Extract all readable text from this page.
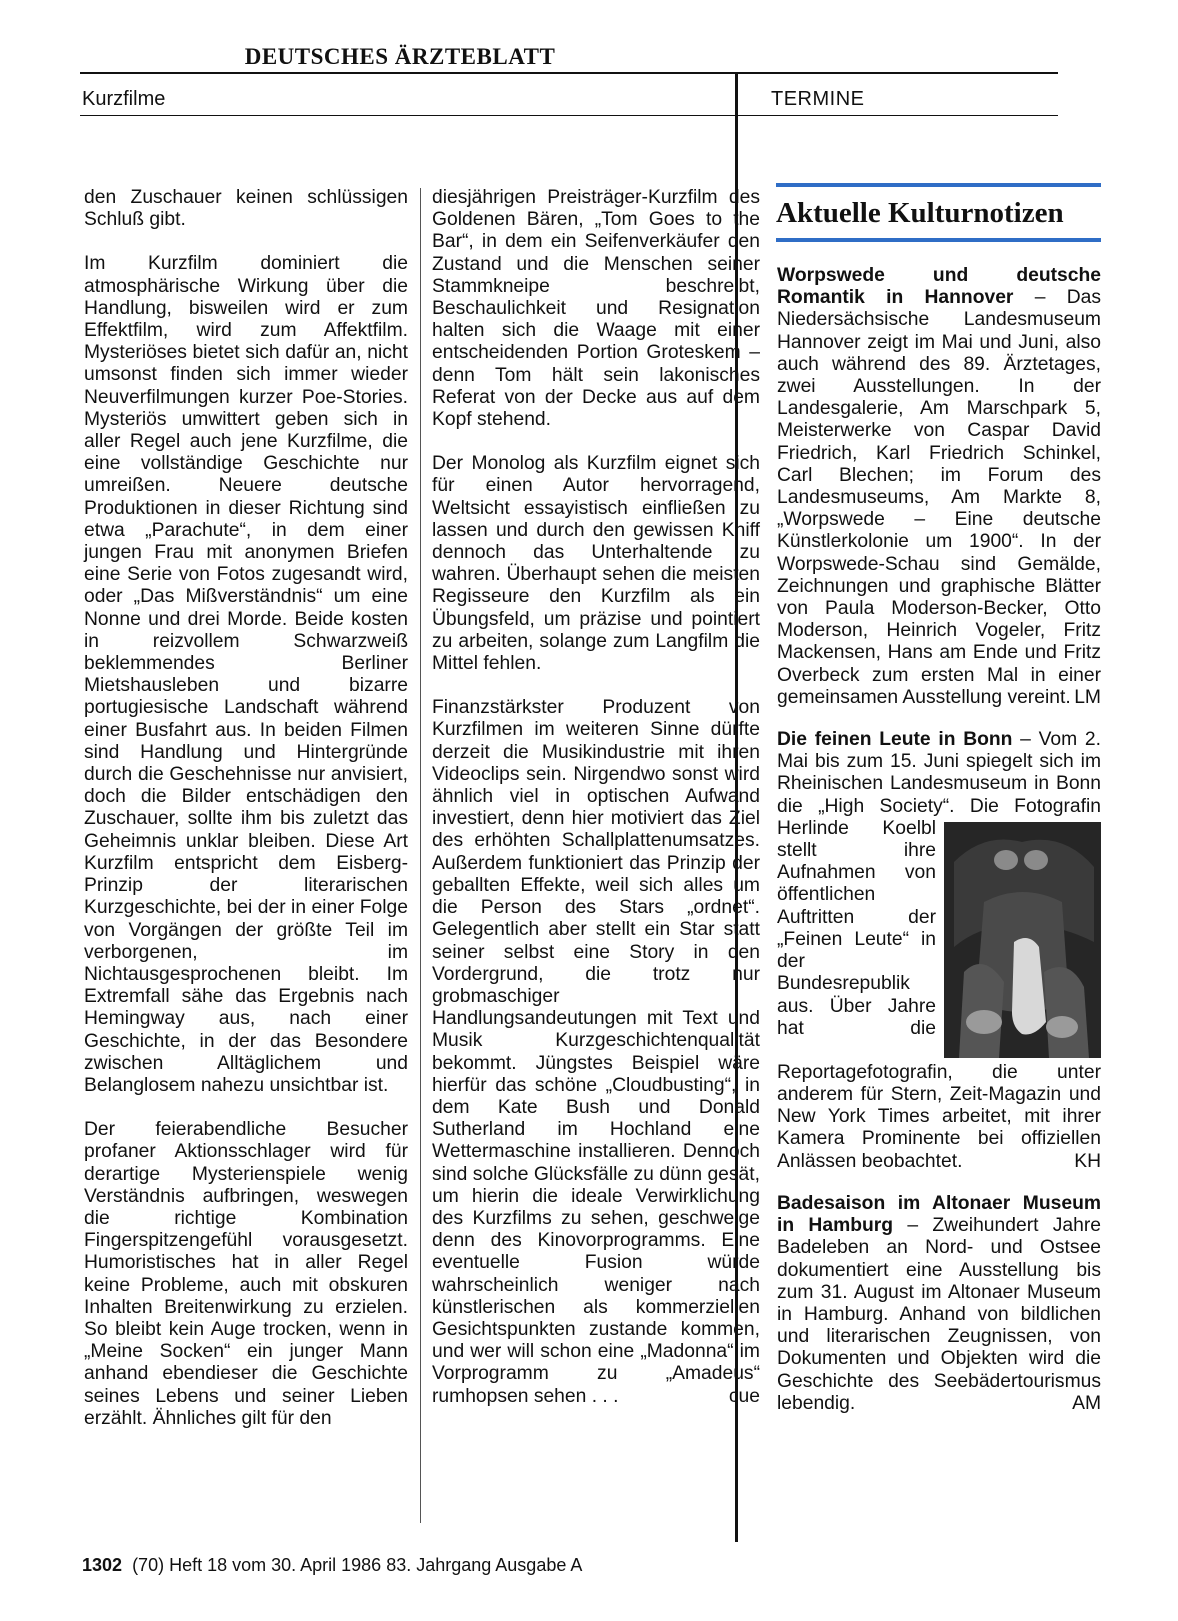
DEUTSCHES ÄRZTEBLATT
Kurzfilme	TERMINE

den Zuschauer keinen schlüssigen Schluß gibt.

Im Kurzfilm dominiert die atmosphärische Wirkung über die Handlung, bisweilen wird er zum Effektfilm, wird zum Affektfilm. Mysteriöses bietet sich dafür an, nicht umsonst finden sich immer wieder Neuverfilmungen kurzer Poe-Stories. Mysteriös umwittert geben sich in aller Regel auch jene Kurzfilme, die eine vollständige Geschichte nur umreißen. Neuere deutsche Produktionen in dieser Richtung sind etwa „Parachute“, in dem einer jungen Frau mit anonymen Briefen eine Serie von Fotos zugesandt wird, oder „Das Mißverständnis“ um eine Nonne und drei Morde. Beide kosten in reizvollem Schwarzweiß beklemmendes Berliner Mietshausleben und bizarre portugiesische Landschaft während einer Busfahrt aus. In beiden Filmen sind Handlung und Hintergründe durch die Geschehnisse nur anvisiert, doch die Bilder entschädigen den Zuschauer, sollte ihm bis zuletzt das Geheimnis unklar bleiben. Diese Art Kurzfilm entspricht dem Eisberg-Prinzip der literarischen Kurzgeschichte, bei der in einer Folge von Vorgängen der größte Teil im verborgenen, im Nichtausgesprochenen bleibt. Im Extremfall sähe das Ergebnis nach Hemingway aus, nach einer Geschichte, in der das Besondere zwischen Alltäglichem und Belanglosem nahezu unsichtbar ist.

Der feierabendliche Besucher profaner Aktionsschlager wird für derartige Mysterienspiele wenig Verständnis aufbringen, weswegen die richtige Kombination Fingerspitzengefühl vorausgesetzt. Humoristisches hat in aller Regel keine Probleme, auch mit obskuren Inhalten Breitenwirkung zu erzielen. So bleibt kein Auge trocken, wenn in „Meine Socken“ ein junger Mann anhand ebendieser die Geschichte seines Lebens und seiner Lieben erzählt. Ähnliches gilt für den

diesjährigen Preisträger-Kurzfilm des Goldenen Bären, „Tom Goes to the Bar“, in dem ein Seifenverkäufer den Zustand und die Menschen seiner Stammkneipe beschreibt, Beschaulichkeit und Resignation halten sich die Waage mit einer entscheidenden Portion Groteskem – denn Tom hält sein lakonisches Referat von der Decke aus auf dem Kopf stehend.

Der Monolog als Kurzfilm eignet sich für einen Autor hervorragend, Weltsicht essayistisch einfließen zu lassen und durch den gewissen Kniff dennoch das Unterhaltende zu wahren. Überhaupt sehen die meisten Regisseure den Kurzfilm als ein Übungsfeld, um präzise und pointiert zu arbeiten, solange zum Langfilm die Mittel fehlen.

Finanzstärkster Produzent von Kurzfilmen im weiteren Sinne dürfte derzeit die Musikindustrie mit ihren Videoclips sein. Nirgendwo sonst wird ähnlich viel in optischen Aufwand investiert, denn hier motiviert das Ziel des erhöhten Schallplattenumsatzes. Außerdem funktioniert das Prinzip der geballten Effekte, weil sich alles um die Person des Stars „ordnet“. Gelegentlich aber stellt ein Star statt seiner selbst eine Story in den Vordergrund, die trotz nur grobmaschiger Handlungsandeutungen mit Text und Musik Kurzgeschichtenqualität bekommt. Jüngstes Beispiel wäre hierfür das schöne „Cloudbusting“, in dem Kate Bush und Donald Sutherland im Hochland eine Wettermaschine installieren. Dennoch sind solche Glücksfälle zu dünn gesät, um hierin die ideale Verwirklichung des Kurzfilms zu sehen, geschweige denn des Kinovorprogramms. Eine eventuelle Fusion würde wahrscheinlich weniger nach künstlerischen als kommerziellen Gesichtspunkten zustande kommen, und wer will schon eine „Madonna“ im Vorprogramm zu „Amadeus“ rumhopsen sehen . . .	cue

Aktuelle Kulturnotizen

Worpswede und deutsche Romantik in Hannover – Das Niedersächsische Landesmuseum Hannover zeigt im Mai und Juni, also auch während des 89. Ärztetages, zwei Ausstellungen. In der Landesgalerie, Am Marschpark 5, Meisterwerke von Caspar David Friedrich, Karl Friedrich Schinkel, Carl Blechen; im Forum des Landesmuseums, Am Markte 8, „Worpswede – Eine deutsche Künstlerkolonie um 1900“. In der Worpswede-Schau sind Gemälde, Zeichnungen und graphische Blätter von Paula Moderson-Becker, Otto Moderson, Heinrich Vogeler, Fritz Mackensen, Hans am Ende und Fritz Overbeck zum ersten Mal in einer gemeinsamen Ausstellung vereint. LM

Die feinen Leute in Bonn – Vom 2. Mai bis zum 15. Juni spiegelt sich im Rheinischen Landesmuseum in Bonn die „High Society“. Die Fotografin Herlinde Koelbl
stellt ihre Aufnahmen von öffentlichen Auftritten der „Feinen Leute“ in der Bundesrepublik aus. Über Jahre hat die Reportagefotografin, die unter anderem für Stern, Zeit-Magazin und New York Times arbeitet, mit ihrer Kamera Prominente bei offiziellen Anlässen beobachtet.	KH

Badesaison im Altonaer Museum in Hamburg – Zweihundert Jahre Badeleben an Nord- und Ostsee dokumentiert eine Ausstellung bis zum 31. August im Altonaer Museum in Hamburg. Anhand von bildlichen und literarischen Zeugnissen, von Dokumenten und Objekten wird die Geschichte des Seebädertourismus lebendig.	AM

1302 (70) Heft 18 vom 30. April 1986 83. Jahrgang Ausgabe A
